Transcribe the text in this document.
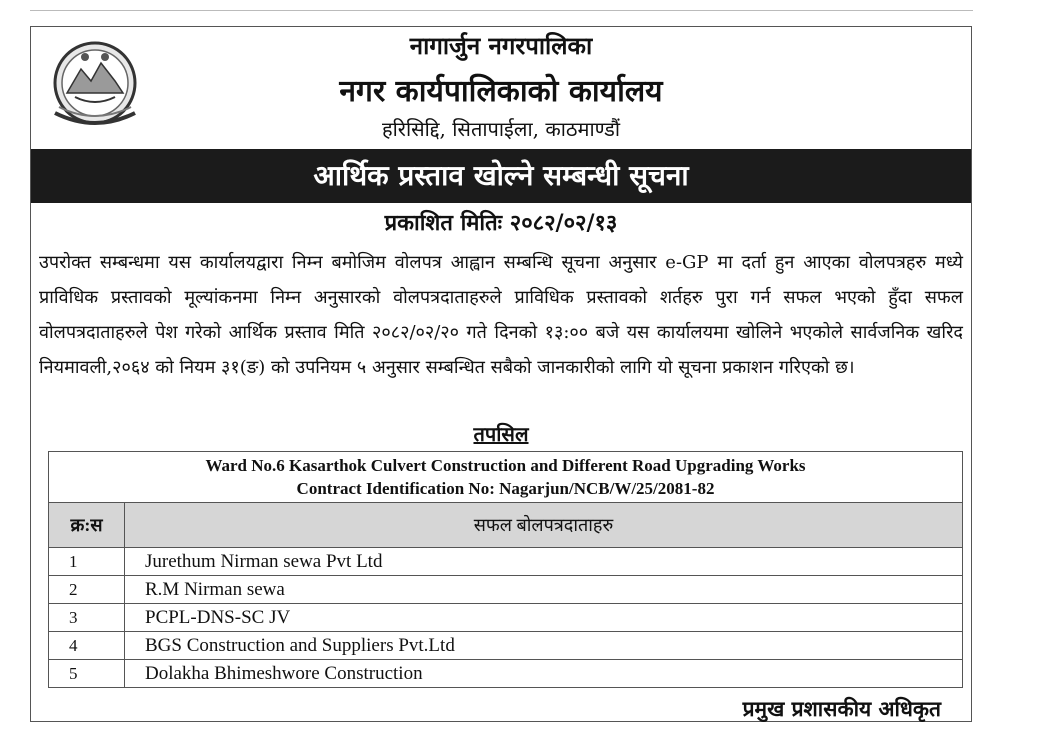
नागार्जुन नगरपालिका
नगर कार्यपालिकाको कार्यालय
हरिसिद्दि, सितापाईला, काठमाण्डौं
आर्थिक प्रस्ताव खोल्ने सम्बन्धी सूचना
प्रकाशित मितिः २०८२/०२/१३
उपरोक्त सम्बन्धमा यस कार्यालयद्वारा निम्न बमोजिम वोलपत्र आह्वान सम्बन्धि सूचना अनुसार e-GP मा दर्ता हुन आएका वोलपत्रहरु मध्ये प्राविधिक प्रस्तावको मूल्यांकनमा निम्न अनुसारको वोलपत्रदाताहरुले प्राविधिक प्रस्तावको शर्तहरु पुरा गर्न सफल भएको हुँदा सफल वोलपत्रदाताहरुले पेश गरेको आर्थिक प्रस्ताव मिति २०८२/०२/२० गते दिनको १३:०० बजे यस कार्यालयमा खोलिने भएकोले सार्वजनिक खरिद नियमावली,२०६४ को नियम ३१(ङ) को उपनियम ५ अनुसार सम्बन्धित सबैको जानकारीको लागि यो सूचना प्रकाशन गरिएको छ।
तपसिल
Ward No.6 Kasarthok Culvert Construction and Different Road Upgrading Works
Contract Identification No: Nagarjun/NCB/W/25/2081-82	

क्र:स	सफल बोलपत्रदाताहरु
1	Jurethum Nirman sewa Pvt Ltd
2	R.M Nirman sewa
3	PCPL-DNS-SC JV
4	BGS Construction and Suppliers Pvt.Ltd
5	Dolakha Bhimeshwore Construction
प्रमुख प्रशासकीय अधिकृत
